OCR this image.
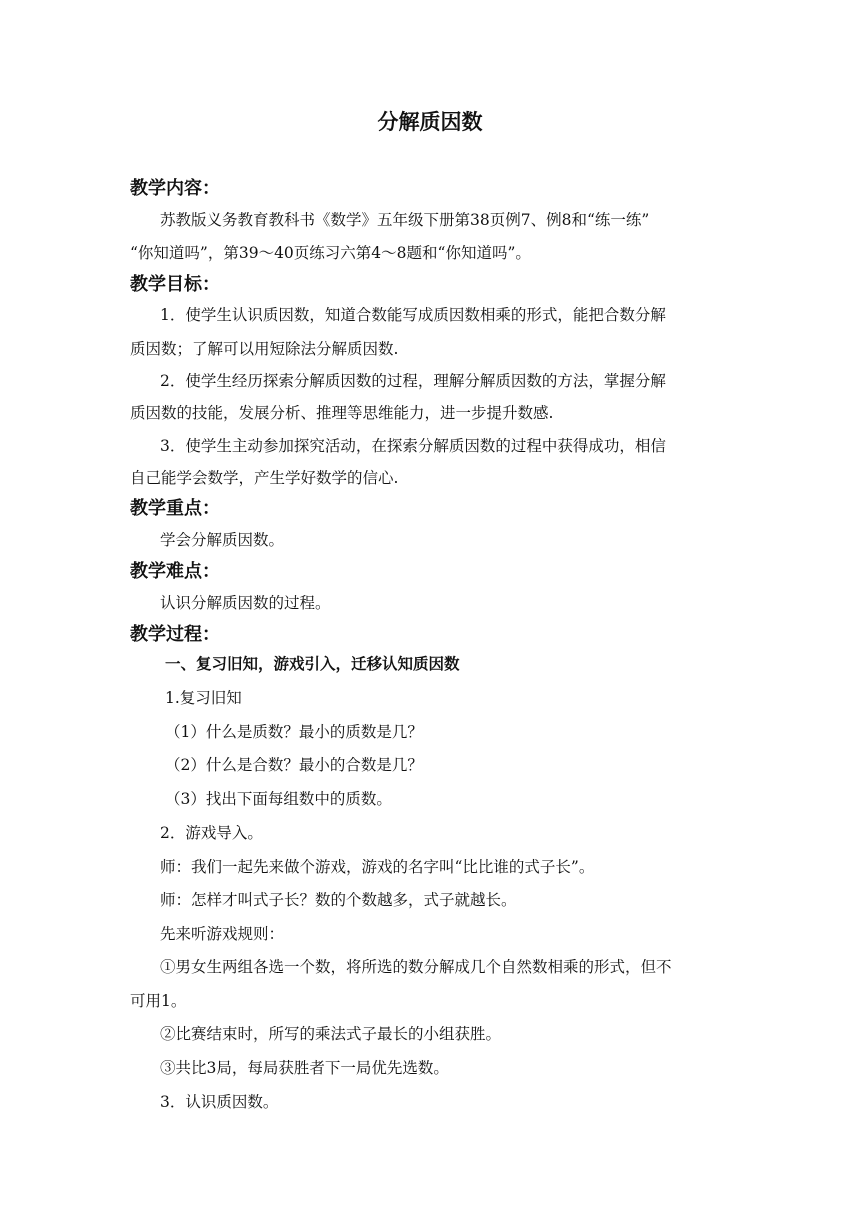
分解质因数
教学内容：
苏教版义务教育教科书《数学》五年级下册第38页例7、例8和“练一练”
“你知道吗”，第39～40页练习六第4～8题和“你知道吗”。
教学目标：
1．使学生认识质因数，知道合数能写成质因数相乘的形式，能把合数分解
质因数；了解可以用短除法分解质因数.
2．使学生经历探索分解质因数的过程，理解分解质因数的方法，掌握分解
质因数的技能，发展分析、推理等思维能力，进一步提升数感.
3．使学生主动参加探究活动，在探索分解质因数的过程中获得成功，相信
自己能学会数学，产生学好数学的信心.
教学重点：
学会分解质因数。
教学难点：
认识分解质因数的过程。
教学过程：
一、复习旧知，游戏引入，迁移认知质因数
1.复习旧知
（1）什么是质数？最小的质数是几？
（2）什么是合数？最小的合数是几？
（3）找出下面每组数中的质数。
2．游戏导入。
师：我们一起先来做个游戏，游戏的名字叫“比比谁的式子长”。
师：怎样才叫式子长？数的个数越多，式子就越长。
先来听游戏规则：
①男女生两组各选一个数，将所选的数分解成几个自然数相乘的形式，但不
可用1。
②比赛结束时，所写的乘法式子最长的小组获胜。
③共比3局，每局获胜者下一局优先选数。
3．认识质因数。
